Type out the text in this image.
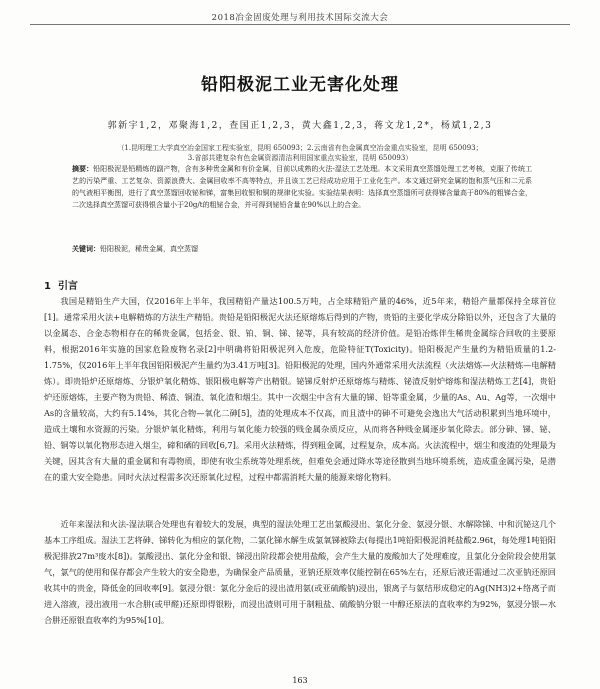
2018冶金固废处理与利用技术国际交流大会
铅阳极泥工业无害化处理
郭新宇1,2，邓聚海1,2，查国正1,2,3，黄大鑫1,2,3，蒋文龙1,2*，杨斌1,2,3
（1.昆明理工大学真空冶金国家工程实验室，昆明 650093；2.云南省有色金属真空冶金重点实验室，昆明 650093；
3.省部共建复杂有色金属资源清洁利用国家重点实验室，昆明 650093）
摘要：铅阳极泥是铅精炼的副产物，含有多种贵金属和有价金属，目前以成熟的火法-湿法工艺处理。本文采用真空蒸馏处理工艺考核，克服了传统工艺的污染严重、工艺复杂、资源浪费大、金属回收率不高等特点，并且该工艺已经成功应用于工业化生产。本文通过研究金属的饱和蒸气压和二元系的气液相平衡图，进行了真空蒸馏回收铋和锑，富集回收银和铜的规律化实验。实验结果表明：选择真空蒸馏所可获得锑含量高于80%的粗锑合金，二次选择真空蒸馏可获得银含量小于20g/t的粗铋合金，并可得到铋铅含量在90%以上的合金。
关键词：铅阳极泥，稀贵金属，真空蒸馏
1 引言

我国是精铅生产大国，仅2016年上半年，我国精铅产量达100.5万吨，占全球精铅产量的46%，近5年来，精铅产量都保持全球首位[1]。通常采用火法+电解精炼的方法生产精铅。贵铅是铅阳极泥火法还原熔炼后得到的产物，贵铅的主要化学成分除铅以外，还包含了大量的以金属态、合金态物相存在的稀贵金属，包括金、银、铂、铜、锑、铋等，具有较高的经济价值。是铅冶炼伴生稀贵金属综合回收的主要原料，根据2016年实施的国家危险废物名录[2]中明确将铅阳极泥列入危废，危险特征T(Toxicity)。铅阳极泥产生量约为精铅质量的1.2-1.75%，仅2016年上半年我国铅阳极泥产生量约为3.41万吨[3]。铅阳极泥的处理，国内外通常采用火法流程（火法熔炼—火法精炼—电解精炼）。即贵铅炉还原熔炼、分银炉氧化精炼、银阳极电解等产出精银。铋锑反射炉还原熔炼与精炼、铋渣反射炉熔炼和湿法精炼工艺[4]，贵铅炉还原熔炼，主要产物为贵铅、稀渣、铜渣、氧化渣和烟尘。其中一次烟尘中含有大量的锑、铅等重金属，少量的As、Au、Ag等，一次烟中As的含量较高，大约有5.14%，其化合物—氧化二砷[5]，渣的处理成本不仅高，而且渣中的砷不可避免会逸出大气活动积累到当地环境中，造成土壤和水资源的污染。分银炉氧化精炼，利用与氧化能力较强的贱金属杂质反应，从而将各种贱金属逐步氧化除去。部分砷、锑、铋、铅、铜等以氧化物形态进入烟尘，碲和硒的回收[6,7]。采用火法精炼，得到粗金属，过程复杂，成本高。火法流程中，烟尘和废渣的处理最为关键，因其含有大量的重金属和有毒物质，即使有收尘系统等处理系统，但难免会通过降水等途径散到当地环境系统，造成重金属污染，是潜在的重大安全隐患。同时火法过程需多次还原氧化过程，过程中都需消耗大量的能源来熔化物料。

近年来湿法和火法-湿法联合处理也有着较大的发展，典型的湿法处理工艺出氯酸浸出、氯化分金、氨浸分银、水解除锑、中和沉铋这几个基本工序组成。湿法工艺将砷、锑转化为相应的氯化物，二氯化锑水解生成氯氧锑被除去(每提出1吨铅阳极泥消耗盐酸2.96t，每处理1吨铅阳极泥排放27m³废水[8])。氯酸浸出、氯化分金和银、锑浸出阶段都会使用盐酸，会产生大量的废酸加大了处理难度，且氯化分金阶段会使用氯气，氯气的使用和保存都会产生较大的安全隐患，为确保金产品质量，亚钠还原效率仅能控制在65%左右，还原后液还需通过二次亚钠还原回收其中的贵金，降低金的回收率[9]。氨浸分银：氯化分金后的浸出渣用氨(或亚硫酸钠)浸出，银离子与氨结形成稳定的Ag(NH3)2+络离子而进入溶液，浸出液用一水合肼(或甲醛)还原即得银粉，而浸出渣则可用于制粗盐、硫酸钠分银一中醇还原法的直收率约为92%，氨浸分银—水合肼还原银直收率约为95%[10]。

163
